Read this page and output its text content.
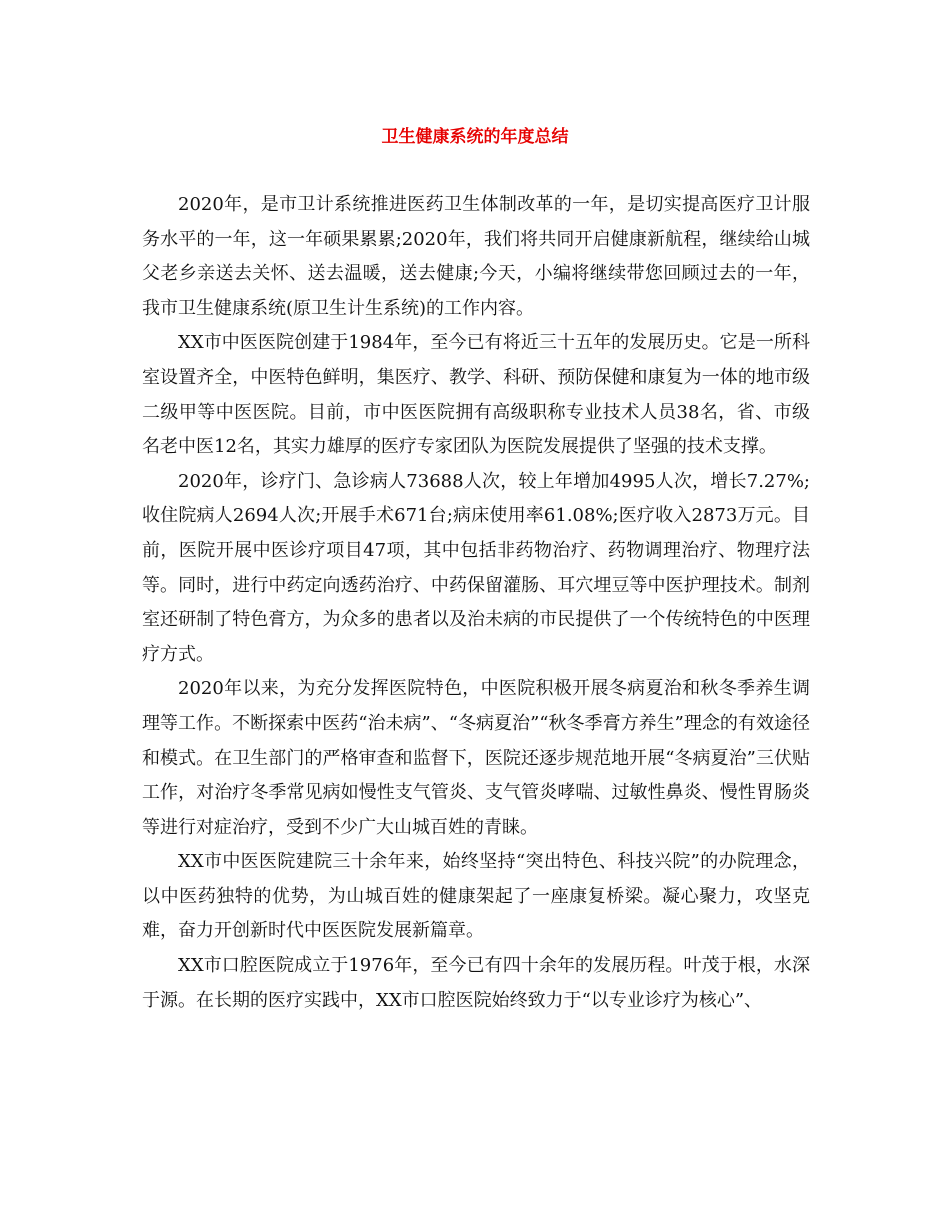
卫生健康系统的年度总结

2020年，是市卫计系统推进医药卫生体制改革的一年，是切实提高医疗卫计服务水平的一年，这一年硕果累累;2020年，我们将共同开启健康新航程，继续给山城父老乡亲送去关怀、送去温暖，送去健康;今天，小编将继续带您回顾过去的一年，我市卫生健康系统(原卫生计生系统)的工作内容。

XX市中医医院创建于1984年，至今已有将近三十五年的发展历史。它是一所科室设置齐全，中医特色鲜明，集医疗、教学、科研、预防保健和康复为一体的地市级二级甲等中医医院。目前，市中医医院拥有高级职称专业技术人员38名，省、市级名老中医12名，其实力雄厚的医疗专家团队为医院发展提供了坚强的技术支撑。

2020年，诊疗门、急诊病人73688人次，较上年增加4995人次，增长7.27%;收住院病人2694人次;开展手术671台;病床使用率61.08%;医疗收入2873万元。目前，医院开展中医诊疗项目47项，其中包括非药物治疗、药物调理治疗、物理疗法等。同时，进行中药定向透药治疗、中药保留灌肠、耳穴埋豆等中医护理技术。制剂室还研制了特色膏方，为众多的患者以及治未病的市民提供了一个传统特色的中医理疗方式。

2020年以来，为充分发挥医院特色，中医院积极开展冬病夏治和秋冬季养生调理等工作。不断探索中医药“治未病”、“冬病夏治”“秋冬季膏方养生”理念的有效途径和模式。在卫生部门的严格审查和监督下，医院还逐步规范地开展“冬病夏治”三伏贴工作，对治疗冬季常见病如慢性支气管炎、支气管炎哮喘、过敏性鼻炎、慢性胃肠炎等进行对症治疗，受到不少广大山城百姓的青睐。

XX市中医医院建院三十余年来，始终坚持“突出特色、科技兴院”的办院理念，以中医药独特的优势，为山城百姓的健康架起了一座康复桥梁。凝心聚力，攻坚克难，奋力开创新时代中医医院发展新篇章。

XX市口腔医院成立于1976年，至今已有四十余年的发展历程。叶茂于根，水深于源。在长期的医疗实践中，XX市口腔医院始终致力于“以专业诊疗为核心”、
